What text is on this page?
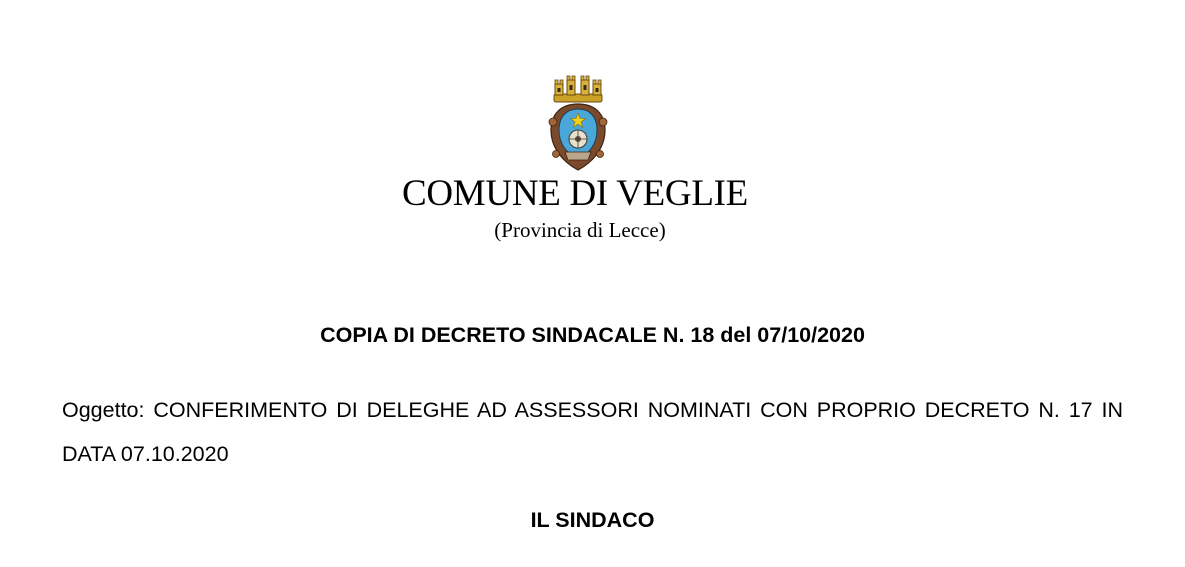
COMUNE DI VEGLIE
(Provincia di Lecce)
COPIA DI DECRETO SINDACALE N. 18 del 07/10/2020
Oggetto: CONFERIMENTO DI DELEGHE AD ASSESSORI NOMINATI CON PROPRIO DECRETO N. 17 IN DATA 07.10.2020
IL SINDACO
